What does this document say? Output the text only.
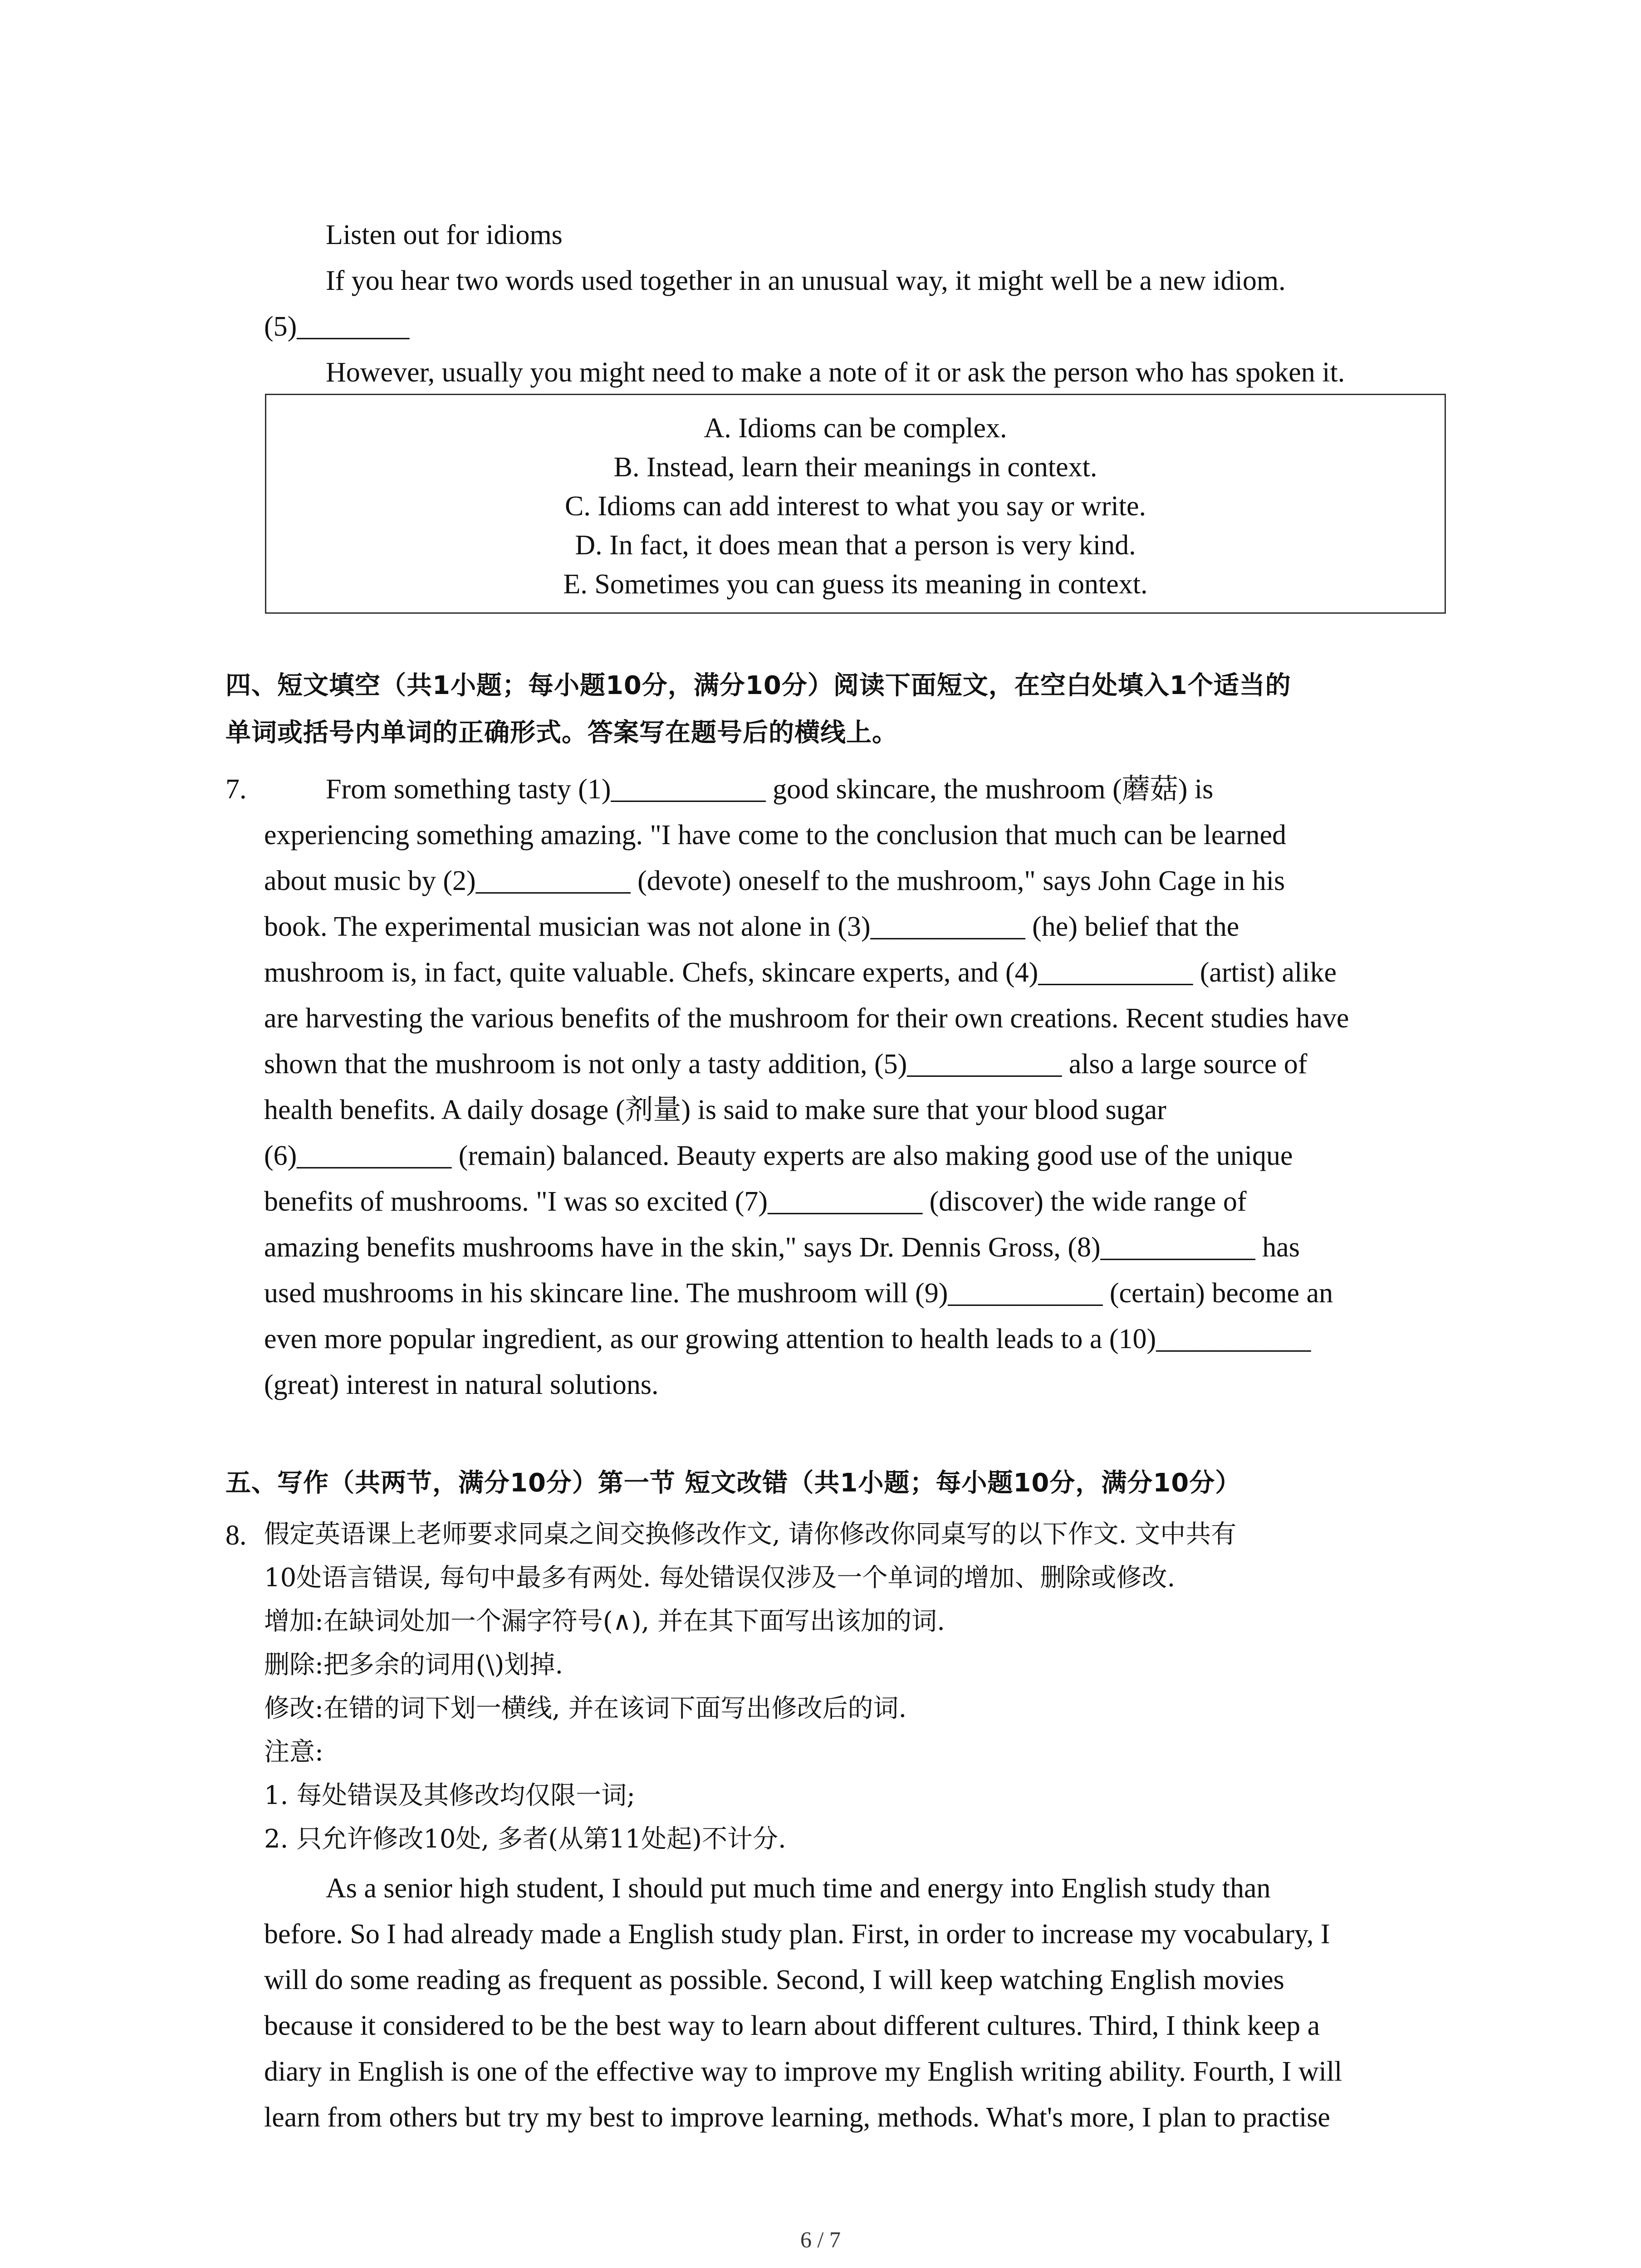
Listen out for idioms
If you hear two words used together in an unusual way, it might well be a new idiom.
(5)________
However, usually you might need to make a note of it or ask the person who has spoken it.
A. Idioms can be complex.
B. Instead, learn their meanings in context.
C. Idioms can add interest to what you say or write.
D. In fact, it does mean that a person is very kind.
E. Sometimes you can guess its meaning in context.
四、短文填空（共1小题；每小题10分，满分10分）阅读下面短文，在空白处填入1个适当的
单词或括号内单词的正确形式。答案写在题号后的横线上。
7.	From something tasty (1)___________ good skincare, the mushroom (蘑菇) is
experiencing something amazing. "I have come to the conclusion that much can be learned
about music by (2)___________ (devote) oneself to the mushroom," says John Cage in his
book. The experimental musician was not alone in (3)___________ (he) belief that the
mushroom is, in fact, quite valuable. Chefs, skincare experts, and (4)___________ (artist) alike
are harvesting the various benefits of the mushroom for their own creations. Recent studies have
shown that the mushroom is not only a tasty addition, (5)___________ also a large source of
health benefits. A daily dosage (剂量) is said to make sure that your blood sugar
(6)___________ (remain) balanced. Beauty experts are also making good use of the unique
benefits of mushrooms. "I was so excited (7)___________ (discover) the wide range of
amazing benefits mushrooms have in the skin," says Dr. Dennis Gross, (8)___________ has
used mushrooms in his skincare line. The mushroom will (9)___________ (certain) become an
even more popular ingredient, as our growing attention to health leads to a (10)___________
(great) interest in natural solutions.
五、写作（共两节，满分10分）第一节 短文改错（共1小题；每小题10分，满分10分）
8. 假定英语课上老师要求同桌之间交换修改作文, 请你修改你同桌写的以下作文. 文中共有
10处语言错误, 每句中最多有两处. 每处错误仅涉及一个单词的增加、删除或修改.
增加:在缺词处加一个漏字符号(∧), 并在其下面写出该加的词.
删除:把多余的词用(\)划掉.
修改:在错的词下划一横线, 并在该词下面写出修改后的词.
注意:
1. 每处错误及其修改均仅限一词;
2. 只允许修改10处, 多者(从第11处起)不计分.
As a senior high student, I should put much time and energy into English study than
before. So I had already made a English study plan. First, in order to increase my vocabulary, I
will do some reading as frequent as possible. Second, I will keep watching English movies
because it considered to be the best way to learn about different cultures. Third, I think keep a
diary in English is one of the effective way to improve my English writing ability. Fourth, I will
learn from others but try my best to improve learning, methods. What's more, I plan to practise
6 / 7
